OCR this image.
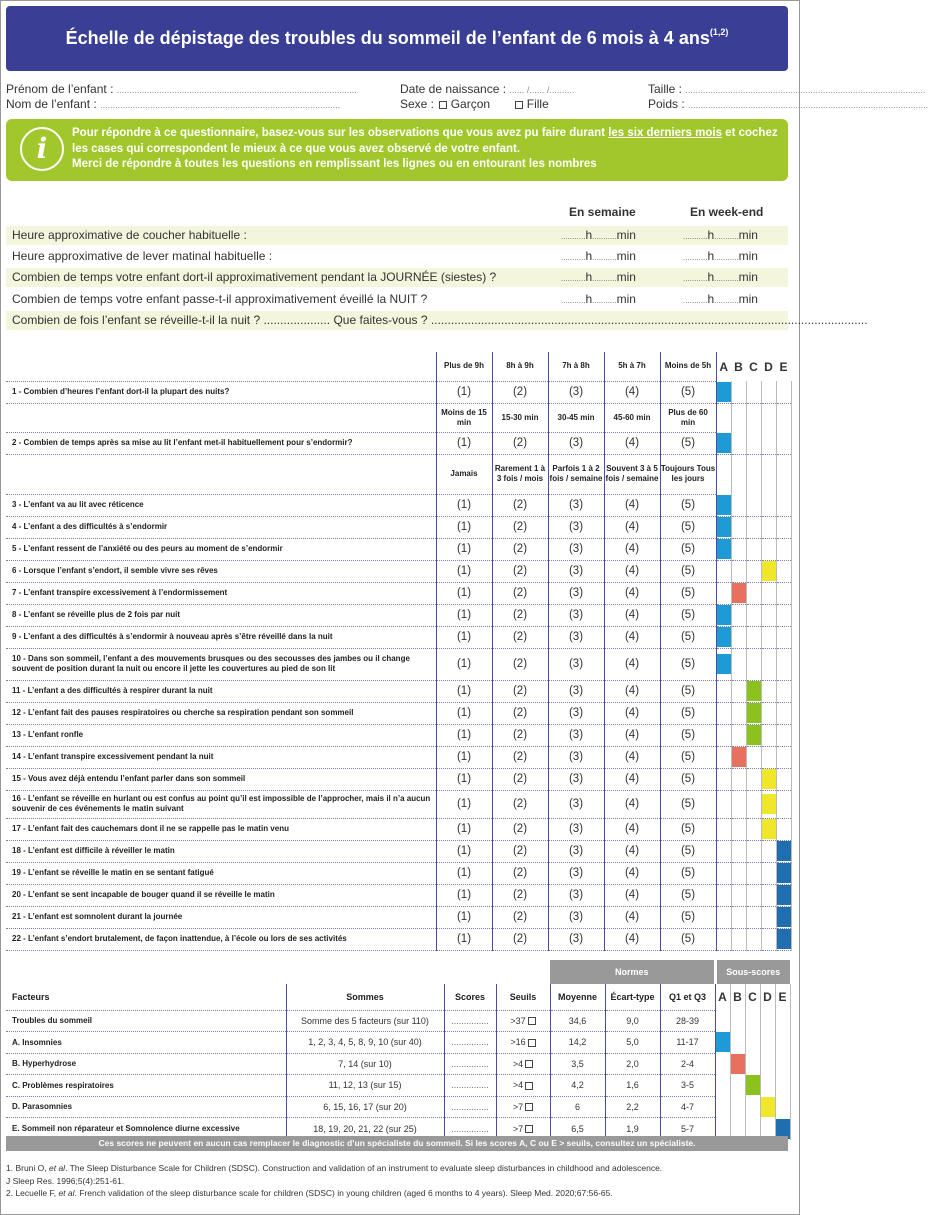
Échelle de dépistage des troubles du sommeil de l’enfant de 6 mois à 4 ans$^{(1,2)}$
Prénom de l’enfant : ................................................................................................	Date de naissance : ...... /...... /..........	Taille : ................................................................................................
Nom de l’enfant : ................................................................................................	Sexe : Garçon	Fille	Poids : ................................................................................................
i	Pour répondre à ce questionnaire, basez-vous sur les observations que vous avez pu faire durant les six derniers mois et cochez les cases qui correspondent le mieux à ce que vous avez observé de votre enfant.
Merci de répondre à toutes les questions en remplissant les lignes ou en entourant les nombres
En semaine	En week-end
Heure approximative de coucher habituelle :	...........h...........min	...........h...........min
Heure approximative de lever matinal habituelle :	...........h...........min	...........h...........min
Combien de temps votre enfant dort-il approximativement pendant la JOURNÉE (siestes) ?	...........h...........min	...........h...........min
Combien de temps votre enfant passe-t-il approximativement éveillé la NUIT ?	...........h...........min	...........h...........min
Combien de fois l’enfant se réveille-t-il la nuit ? .................... Que faites-vous ? ...................................................................................................................................
	Plus de 9h	8h à 9h	7h à 8h	5h à 7h	Moins de 5h	A	B	C	D	E
1 - Combien d’heures l’enfant dort-il la plupart des nuits?	(1)	(2)	(3)	(4)	(5)	

	Moins de 15 min	15-30 min	30-45 min	45-60 min	Plus de 60 min					
2 - Combien de temps après sa mise au lit l’enfant met-il habituellement pour s’endormir?	(1)	(2)	(3)	(4)	(5)	

	Jamais	Rarement 1 à 3 fois / mois	Parfois 1 à 2 fois / semaine	Souvent 3 à 5 fois / semaine	Toujours Tous les jours					
3 - L’enfant va au lit avec réticence	(1)	(2)	(3)	(4)	(5)	

4 - L’enfant a des difficultés à s’endormir	(1)	(2)	(3)	(4)	(5)	

5 - L’enfant ressent de l’anxiété ou des peurs au moment de s’endormir	(1)	(2)	(3)	(4)	(5)	

6 - Lorsque l’enfant s’endort, il semble vivre ses rêves	(1)	(2)	(3)	(4)	(5)				

7 - L’enfant transpire excessivement à l’endormissement	(1)	(2)	(3)	(4)	(5)		

8 - L’enfant se réveille plus de 2 fois par nuit	(1)	(2)	(3)	(4)	(5)	

9 - L’enfant a des difficultés à s’endormir à nouveau après s’être réveillé dans la nuit	(1)	(2)	(3)	(4)	(5)	

10 - Dans son sommeil, l’enfant a des mouvements brusques ou des secousses des jambes ou il change souvent de position durant la nuit ou encore il jette les couvertures au pied de son lit	(1)	(2)	(3)	(4)	(5)	

11 - L’enfant a des difficultés à respirer durant la nuit	(1)	(2)	(3)	(4)	(5)			

12 - L’enfant fait des pauses respiratoires ou cherche sa respiration pendant son sommeil	(1)	(2)	(3)	(4)	(5)			

13 - L’enfant ronfle	(1)	(2)	(3)	(4)	(5)			

14 - L’enfant transpire excessivement pendant la nuit	(1)	(2)	(3)	(4)	(5)		

15 - Vous avez déjà entendu l’enfant parler dans son sommeil	(1)	(2)	(3)	(4)	(5)				

16 - L’enfant se réveille en hurlant ou est confus au point qu’il est impossible de l’approcher, mais il n’a aucun souvenir de ces événements le matin suivant	(1)	(2)	(3)	(4)	(5)				

17 - L’enfant fait des cauchemars dont il ne se rappelle pas le matin venu	(1)	(2)	(3)	(4)	(5)				

18 - L’enfant est difficile à réveiller le matin	(1)	(2)	(3)	(4)	(5)					

19 - L’enfant se réveille le matin en se sentant fatigué	(1)	(2)	(3)	(4)	(5)					

20 - L’enfant se sent incapable de bouger quand il se réveille le matin	(1)	(2)	(3)	(4)	(5)					

21 - L’enfant est somnolent durant la journée	(1)	(2)	(3)	(4)	(5)					

22 - L’enfant s’endort brutalement, de façon inattendue, à l’école ou lors de ses activités	(1)	(2)	(3)	(4)	(5)					
				Normes			Sous-scores				
Facteurs	Sommes	Scores	Seuils	Moyenne	Écart-type	Q1 et Q3	A	B	C	D	E
Troubles du sommeil	Somme des 5 facteurs (sur 110)	...............	>37	34,6	9,0	28-39					
A. Insomnies	1, 2, 3, 4, 5, 8, 9, 10 (sur 40)	...............	>16	14,2	5,0	11-17	

B. Hyperhydrose	7, 14 (sur 10)	...............	>4	3,5	2,0	2-4		

C. Problèmes respiratoires	11, 12, 13 (sur 15)	...............	>4	4,2	1,6	3-5			

D. Parasomnies	6, 15, 16, 17 (sur 20)	...............	>7	6	2,2	4-7				

E. Sommeil non réparateur et Somnolence diurne excessive	18, 19, 20, 21, 22 (sur 25)	...............	>7	6,5	1,9	5-7					
Ces scores ne peuvent en aucun cas remplacer le diagnostic d’un spécialiste du sommeil. Si les scores A, C ou E > seuils, consultez un spécialiste.
1. Bruni O, et al. The Sleep Disturbance Scale for Children (SDSC). Construction and validation of an instrument to evaluate sleep disturbances in childhood and adolescence.
J Sleep Res. 1996;5(4):251-61.
2. Lecuelle F, et al. French validation of the sleep disturbance scale for children (SDSC) in young children (aged 6 months to 4 years). Sleep Med. 2020;67:56-65.
